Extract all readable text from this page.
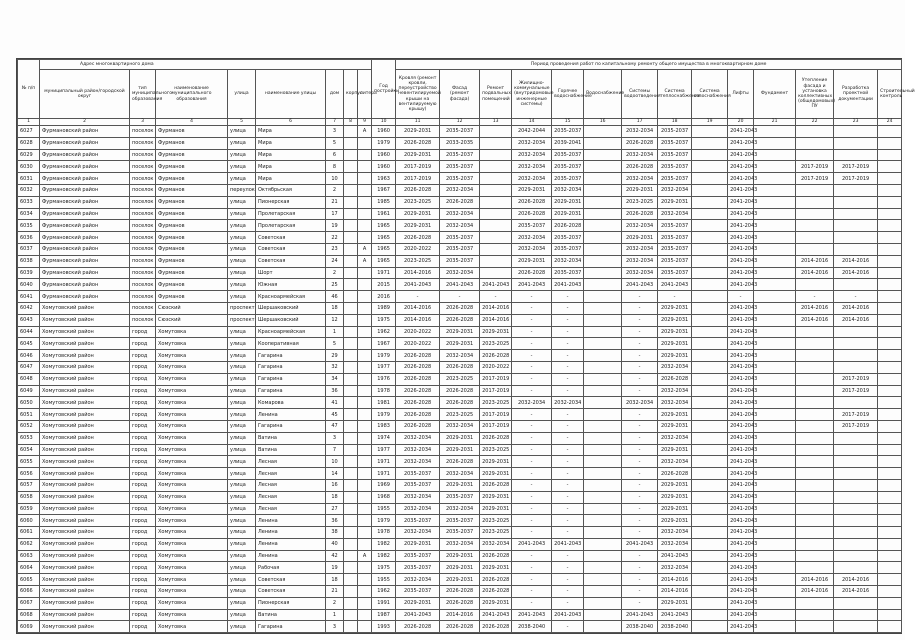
№ п/п	Адрес многоквартирного дома								Год постройки	Период проведения работ по капитальному ремонту общего имущества в многоквартирном доме													
	муниципальный район/городской округ	тип муниципального образования	наименование муниципального образования	улица	наименование улицы	дом	корпус	литера		Кровля (ремонт кровли, переустройство невентилируемой крыши на вентилируемую крышу)	Фасад (ремонт фасада)	Ремонт подвальных помещений	Жилищно-коммунальные (внутридомовые инженерные системы)	Горячее водоснабжение	Водоснабжение	Системы водоотведения	Система теплоснабжения	Система газоснабжения	Лифты	Фундамент	Утепление фасада и установка коллективных (общедомовых) ПУ	Разработка проектной документации	Строительный контроль
1	2	3	4	5	6	7	8	9	10	11	12	13	14	15	16	17	18	19	20	21	22	23	24
6027	Фурмановский район	поселок	Фурманов	улица	Мира	3		А	1960	2029-2031	2035-2037		2042-2044	2035-2037		2032-2034	2035-2037		2041-2043				
6028	Фурмановский район	поселок	Фурманов	улица	Мира	5			1979	2026-2028	2033-2035		2032-2034	2039-2041		2026-2028	2035-2037		2041-2043				
6029	Фурмановский район	поселок	Фурманов	улица	Мира	6			1960	2029-2031	2035-2037		2032-2034	2035-2037		2032-2034	2035-2037		2041-2043				
6030	Фурмановский район	поселок	Фурманов	улица	Мира	8			1960	2017-2019	2035-2037		2032-2034	2035-2037		2026-2028	2035-2037		2041-2043		2017-2019	2017-2019	
6031	Фурмановский район	поселок	Фурманов	улица	Мира	10			1963	2017-2019	2035-2037		2032-2034	2035-2037		2032-2034	2035-2037		2041-2043		2017-2019	2017-2019	
6032	Фурмановский район	поселок	Фурманов	переулок	Октябрьская	2			1967	2026-2028	2032-2034		2029-2031	2032-2034		2029-2031	2032-2034		2041-2043				
6033	Фурмановский район	поселок	Фурманов	улица	Пионерская	21			1985	2023-2025	2026-2028		2026-2028	2029-2031		2023-2025	2029-2031		2041-2043				
6034	Фурмановский район	поселок	Фурманов	улица	Пролетарская	17			1961	2029-2031	2032-2034		2026-2028	2029-2031		2026-2028	2032-2034		2041-2043				
6035	Фурмановский район	поселок	Фурманов	улица	Пролетарская	19			1965	2029-2031	2032-2034		2035-2037	2026-2028		2032-2034	2035-2037		2041-2043				
6036	Фурмановский район	поселок	Фурманов	улица	Советская	22			1965	2026-2028	2035-2037		2032-2034	2035-2037		2029-2031	2035-2037		2041-2043				
6037	Фурмановский район	поселок	Фурманов	улица	Советская	23		А	1965	2020-2022	2035-2037		2032-2034	2035-2037		2032-2034	2035-2037		2041-2043				
6038	Фурмановский район	поселок	Фурманов	улица	Советская	24		А	1965	2023-2025	2035-2037		2029-2031	2032-2034		2032-2034	2035-2037		2041-2043		2014-2016	2014-2016	
6039	Фурмановский район	поселок	Фурманов	улица	Шорт	2			1971	2014-2016	2032-2034		2026-2028	2035-2037		2032-2034	2035-2037		2041-2043		2014-2016	2014-2016	
6040	Фурмановский район	поселок	Фурманов	улица	Южная	25			2015	2041-2043	2041-2043	2041-2043	2041-2043	2041-2043		2041-2043	2041-2043		2041-2043				
6041	Фурмановский район	поселок	Фурманов	улица	Красноармейская	46			2016	-	-	-	-	-		-	-		-		-	-	
6042	Хомутовский район	поселок	Сюзский	проспект	Шершаковский	18			1989	2014-2016	2026-2028	2014-2016	-	-		-	2029-2031		2041-2043		2014-2016	2014-2016	
6043	Хомутовский район	поселок	Сюзский	проспект	Шершаковский	12			1975	2014-2016	2026-2028	2014-2016	-	-		-	2029-2031		2041-2043		2014-2016	2014-2016	
6044	Хомутовский район	город	Хомутовка	улица	Красноармейская	1			1962	2020-2022	2029-2031	2029-2031	-	-		-	2029-2031		2041-2043				
6045	Хомутовский район	город	Хомутовка	улица	Кооперативная	5			1967	2020-2022	2029-2031	2023-2025	-	-		-	2029-2031		2041-2043				
6046	Хомутовский район	город	Хомутовка	улица	Гагарина	29			1979	2026-2028	2032-2034	2026-2028	-	-		-	2029-2031		2041-2043				
6047	Хомутовский район	город	Хомутовка	улица	Гагарина	32			1977	2026-2028	2026-2028	2020-2022	-	-		-	2032-2034		2041-2043				
6048	Хомутовский район	город	Хомутовка	улица	Гагарина	34			1976	2026-2028	2023-2025	2017-2019	-	-		-	2026-2028		2041-2043			2017-2019	
6049	Хомутовский район	город	Хомутовка	улица	Гагарина	36			1978	2026-2028	2026-2028	2017-2019	-	-		-	2032-2034		2041-2043			2017-2019	
6050	Хомутовский район	город	Хомутовка	улица	Комарова	41			1981	2026-2028	2026-2028	2023-2025	2032-2034	2032-2034		2032-2034	2032-2034		2041-2043				
6051	Хомутовский район	город	Хомутовка	улица	Ленина	45			1979	2026-2028	2023-2025	2017-2019	-	-		-	2029-2031		2041-2043			2017-2019	
6052	Хомутовский район	город	Хомутовка	улица	Гагарина	47			1983	2026-2028	2032-2034	2017-2019	-	-		-	2029-2031		2041-2043			2017-2019	
6053	Хомутовский район	город	Хомутовка	улица	Ватина	3			1974	2032-2034	2029-2031	2026-2028	-	-		-	2032-2034		2041-2043				
6054	Хомутовский район	город	Хомутовка	улица	Ватина	7			1977	2032-2034	2029-2031	2023-2025	-	-		-	2029-2031		2041-2043				
6055	Хомутовский район	город	Хомутовка	улица	Лесная	10			1971	2032-2034	2026-2028	2029-2031	-	-		-	2032-2034		2041-2043				
6056	Хомутовский район	город	Хомутовка	улица	Лесная	14			1971	2035-2037	2032-2034	2029-2031	-	-		-	2026-2028		2041-2043				
6057	Хомутовский район	город	Хомутовка	улица	Лесная	16			1969	2035-2037	2029-2031	2026-2028	-	-		-	2029-2031		2041-2043				
6058	Хомутовский район	город	Хомутовка	улица	Лесная	18			1968	2032-2034	2035-2037	2029-2031	-	-		-	2029-2031		2041-2043				
6059	Хомутовский район	город	Хомутовка	улица	Лесная	27			1955	2032-2034	2032-2034	2029-2031	-	-		-	2029-2031		2041-2043				
6060	Хомутовский район	город	Хомутовка	улица	Ленина	36			1979	2035-2037	2035-2037	2023-2025	-	-		-	2029-2031		2041-2043				
6061	Хомутовский район	город	Хомутовка	улица	Ленина	38			1978	2032-2034	2035-2037	2023-2025	-	-		-	2032-2034		2041-2043				
6062	Хомутовский район	город	Хомутовка	улица	Ленина	40			1982	2029-2031	2032-2034	2032-2034	2041-2043	2041-2043		2041-2043	2032-2034		2041-2043				
6063	Хомутовский район	город	Хомутовка	улица	Ленина	42		А	1982	2035-2037	2029-2031	2026-2028	-	-		-	2041-2043		2041-2043				
6064	Хомутовский район	город	Хомутовка	улица	Рабочая	19			1975	2035-2037	2029-2031	2029-2031	-	-		-	2032-2034		2041-2043				
6065	Хомутовский район	город	Хомутовка	улица	Советская	18			1955	2032-2034	2029-2031	2026-2028	-	-		-	2014-2016		2041-2043		2014-2016	2014-2016	
6066	Хомутовский район	город	Хомутовка	улица	Советская	21			1962	2035-2037	2026-2028	2026-2028	-	-		-	2014-2016		2041-2043		2014-2016	2014-2016	
6067	Хомутовский район	город	Хомутовка	улица	Пионерская	2			1991	2029-2031	2026-2028	2029-2031	-	-		-	2029-2031		2041-2043				
6068	Хомутовский район	город	Хомутовка	улица	Ватина	1			1987	2041-2043	2014-2016	2041-2043	2041-2043	2041-2043		2041-2043	2041-2043		2041-2043				
6069	Хомутовский район	город	Хомутовка	улица	Гагарина	3			1993	2026-2028	2026-2028	2026-2028	2038-2040	-		2038-2040	2038-2040		2041-2043				
